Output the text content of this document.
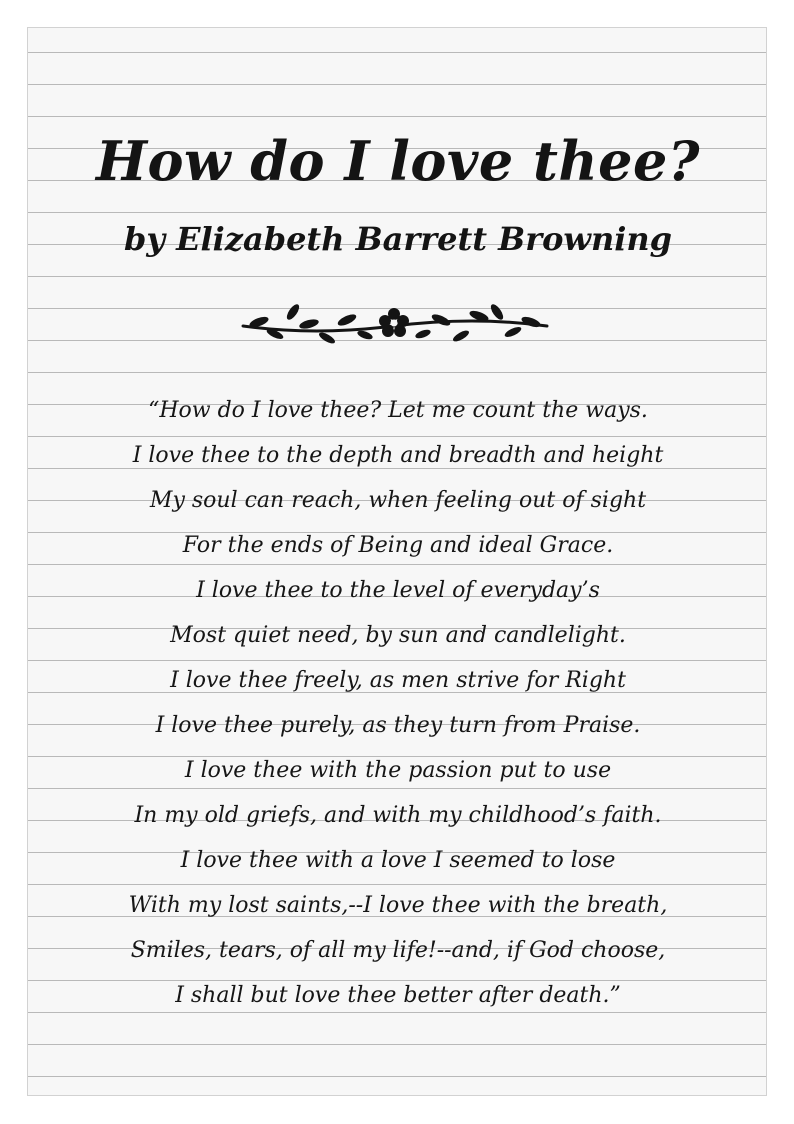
How do I love thee?
by Elizabeth Barrett Browning
“How do I love thee? Let me count the ways.
I love thee to the depth and breadth and height
My soul can reach, when feeling out of sight
For the ends of Being and ideal Grace.
I love thee to the level of everyday’s
Most quiet need, by sun and candlelight.
I love thee freely, as men strive for Right
I love thee purely, as they turn from Praise.
I love thee with the passion put to use
In my old griefs, and with my childhood’s faith.
I love thee with a love I seemed to lose
With my lost saints,--I love thee with the breath,
Smiles, tears, of all my life!--and, if God choose,
I shall but love thee better after death.”
